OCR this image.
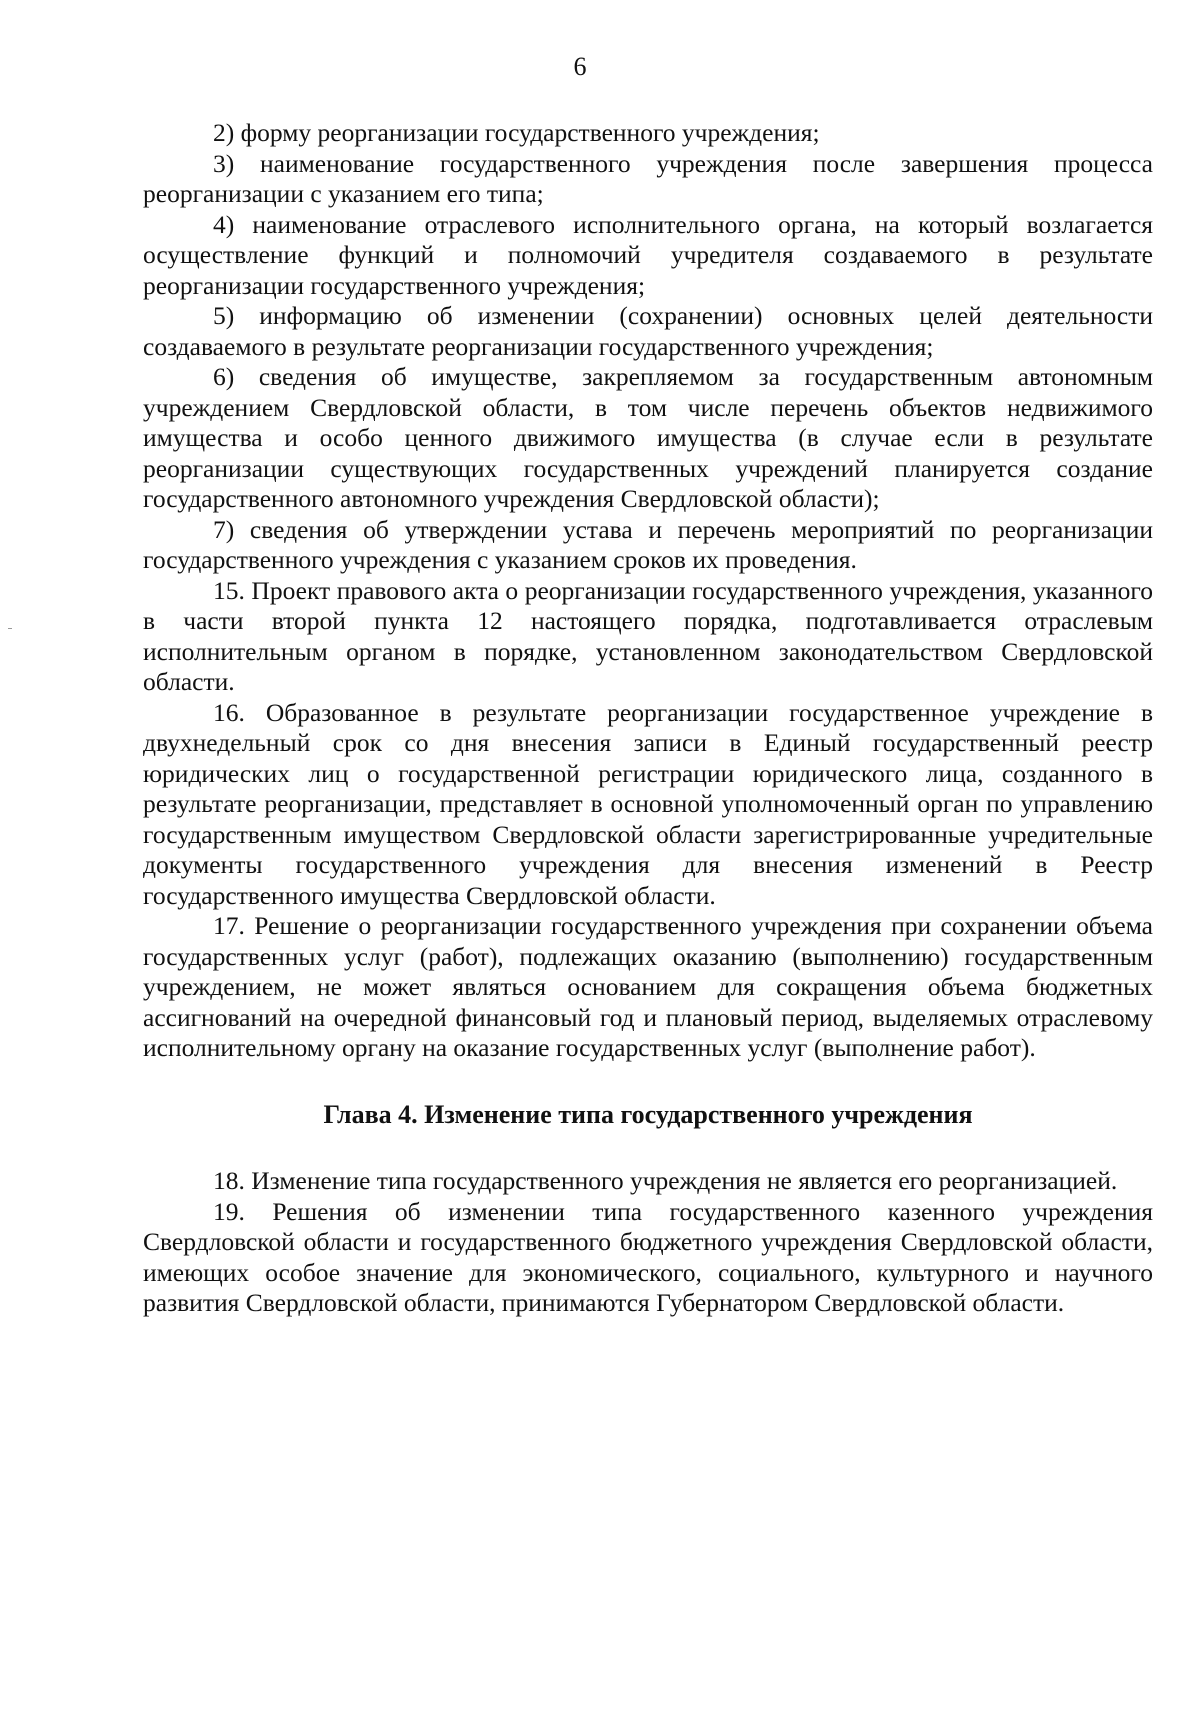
6

2) форму реорганизации государственного учреждения;

3) наименование государственного учреждения после завершения процесса реорганизации с указанием его типа;

4) наименование отраслевого исполнительного органа, на который возлагается осуществление функций и полномочий учредителя создаваемого в результате реорганизации государственного учреждения;

5) информацию об изменении (сохранении) основных целей деятельности создаваемого в результате реорганизации государственного учреждения;

6) сведения об имуществе, закрепляемом за государственным автономным учреждением Свердловской области, в том числе перечень объектов недвижимого имущества и особо ценного движимого имущества (в случае если в результате реорганизации существующих государственных учреждений планируется создание государственного автономного учреждения Свердловской области);

7) сведения об утверждении устава и перечень мероприятий по реорганизации государственного учреждения с указанием сроков их проведения.

15. Проект правового акта о реорганизации государственного учреждения, указанного в части второй пункта 12 настоящего порядка, подготавливается отраслевым исполнительным органом в порядке, установленном законодательством Свердловской области.

16. Образованное в результате реорганизации государственное учреждение в двухнедельный срок со дня внесения записи в Единый государственный реестр юридических лиц о государственной регистрации юридического лица, созданного в результате реорганизации, представляет в основной уполномоченный орган по управлению государственным имуществом Свердловской области зарегистрированные учредительные документы государственного учреждения для внесения изменений в Реестр государственного имущества Свердловской области.

17. Решение о реорганизации государственного учреждения при сохранении объема государственных услуг (работ), подлежащих оказанию (выполнению) государственным учреждением, не может являться основанием для сокращения объема бюджетных ассигнований на очередной финансовый год и плановый период, выделяемых отраслевому исполнительному органу на оказание государственных услуг (выполнение работ).

Глава 4. Изменение типа государственного учреждения

18. Изменение типа государственного учреждения не является его реорганизацией.

19. Решения об изменении типа государственного казенного учреждения Свердловской области и государственного бюджетного учреждения Свердловской области, имеющих особое значение для экономического, социального, культурного и научного развития Свердловской области, принимаются Губернатором Свердловской области.
